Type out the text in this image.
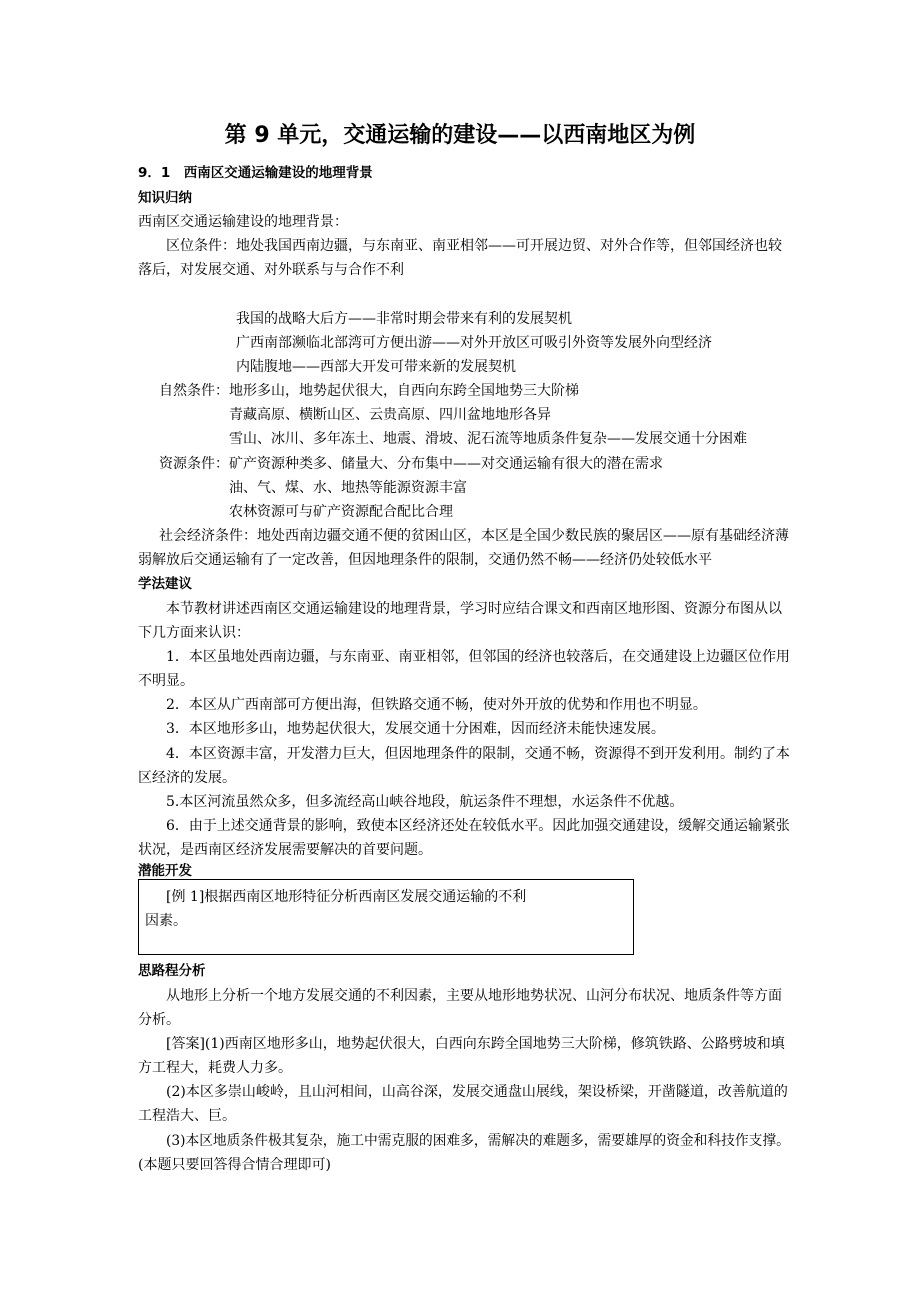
第 9 单元，交通运输的建设——以西南地区为例
9．1　西南区交通运输建设的地理背景
知识归纳
西南区交通运输建设的地理背景：
区位条件：地处我国西南边疆，与东南亚、南亚相邻——可开展边贸、对外合作等，但邻国经济也较
落后，对发展交通、对外联系与与合作不利
我国的战略大后方——非常时期会带来有利的发展契机
广西南部濒临北部湾可方便出游——对外开放区可吸引外资等发展外向型经济
内陆腹地——西部大开发可带来新的发展契机
自然条件： 地形多山，地势起伏很大，自西向东跨全国地势三大阶梯
青藏高原、横断山区、云贵高原、四川盆地地形各异
雪山、冰川、多年冻土、地震、滑坡、泥石流等地质条件复杂——发展交通十分困难
资源条件： 矿产资源种类多、储量大、分布集中——对交通运输有很大的潜在需求
油、气、煤、水、地热等能源资源丰富
农林资源可与矿产资源配合配比合理
社会经济条件：地处西南边疆交通不便的贫困山区，本区是全国少数民族的聚居区——原有基础经济薄
弱解放后交通运输有了一定改善，但因地理条件的限制，交通仍然不畅——经济仍处较低水平
学法建议
本节教材讲述西南区交通运输建设的地理背景，学习时应结合课文和西南区地形图、资源分布图从以
下几方面来认识：
1．本区虽地处西南边疆，与东南亚、南亚相邻，但邻国的经济也较落后，在交通建设上边疆区位作用
不明显。
2．本区从广西南部可方便出海，但铁路交通不畅，使对外开放的优势和作用也不明显。
3．本区地形多山，地势起伏很大，发展交通十分困难，因而经济未能快速发展。
4．本区资源丰富，开发潜力巨大，但因地理条件的限制，交通不畅，资源得不到开发利用。制约了本
区经济的发展。
5.本区河流虽然众多，但多流经高山峡谷地段，航运条件不理想，水运条件不优越。
6．由于上述交通背景的影响，致使本区经济还处在较低水平。因此加强交通建设，缓解交通运输紧张
状况，是西南区经济发展需要解决的首要问题。
潜能开发
[例 1]根据西南区地形特征分析西南区发展交通运输的不利
因素。
思路程分析
从地形上分析一个地方发展交通的不利因素，主要从地形地势状况、山河分布状况、地质条件等方面
分析。
[答案](1)西南区地形多山，地势起伏很大，白西向东跨全国地势三大阶梯，修筑铁路、公路劈坡和填
方工程大，耗费人力多。
(2)本区多崇山峻岭，且山河相间，山高谷深，发展交通盘山展线，架设桥梁，开凿隧道，改善航道的
工程浩大、巨。
(3)本区地质条件极其复杂，施工中需克服的困难多，需解决的难题多，需要雄厚的资金和科技作支撑。
(本题只要回答得合情合理即可)
